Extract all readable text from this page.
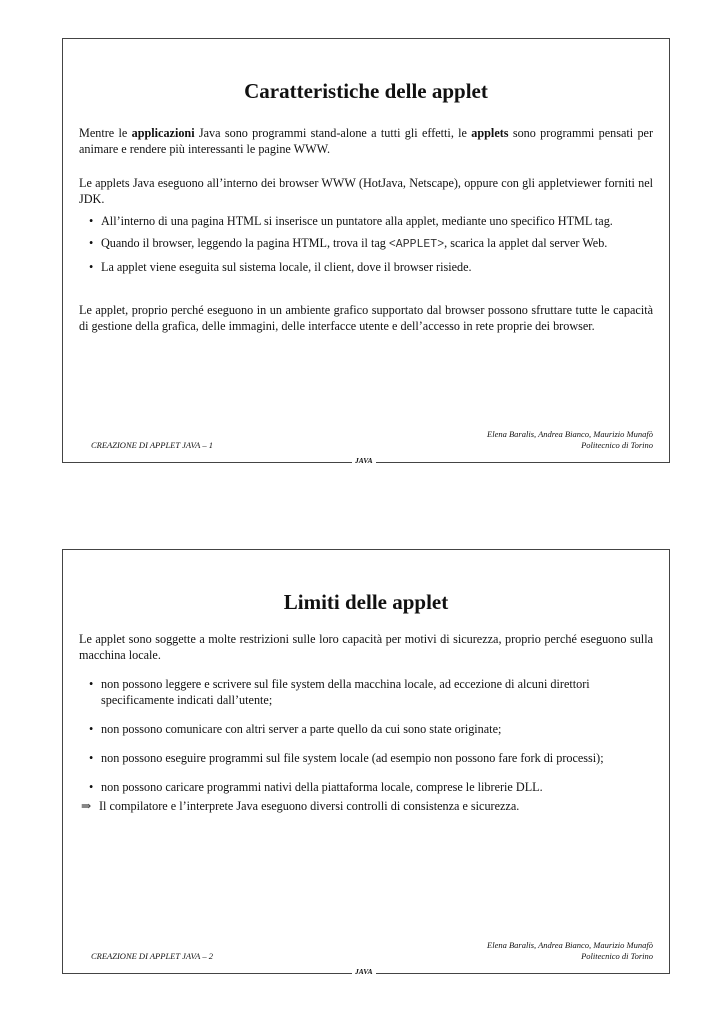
Caratteristiche delle applet
Mentre le applicazioni Java sono programmi stand-alone a tutti gli effetti, le applets sono programmi pensati per animare e rendere più interessanti le pagine WWW.
Le applets Java eseguono all’interno dei browser WWW (HotJava, Netscape), oppure con gli appletviewer forniti nel JDK.
• All’interno di una pagina HTML si inserisce un puntatore alla applet, mediante uno specifico HTML tag.
• Quando il browser, leggendo la pagina HTML, trova il tag <APPLET>, scarica la applet dal server Web.
• La applet viene eseguita sul sistema locale, il client, dove il browser risiede.
Le applet, proprio perché eseguono in un ambiente grafico supportato dal browser possono sfruttare tutte le capacità di gestione della grafica, delle immagini, delle interfacce utente e dell’accesso in rete proprie dei browser.
CREAZIONE DI APPLET JAVA – 1
Elena Baralis, Andrea Bianco, Maurizio Munafò
Politecnico di Torino
JAVA
Limiti delle applet
Le applet sono soggette a molte restrizioni sulle loro capacità per motivi di sicurezza, proprio perché eseguono sulla macchina locale.
• non possono leggere e scrivere sul file system della macchina locale, ad eccezione di alcuni direttori specificamente indicati dall’utente;
• non possono comunicare con altri server a parte quello da cui sono state originate;
• non possono eseguire programmi sul file system locale (ad esempio non possono fare fork di processi);
• non possono caricare programmi nativi della piattaforma locale, comprese le librerie DLL.
⇒ Il compilatore e l’interprete Java eseguono diversi controlli di consistenza e sicurezza.
CREAZIONE DI APPLET JAVA – 2
Elena Baralis, Andrea Bianco, Maurizio Munafò
Politecnico di Torino
JAVA
